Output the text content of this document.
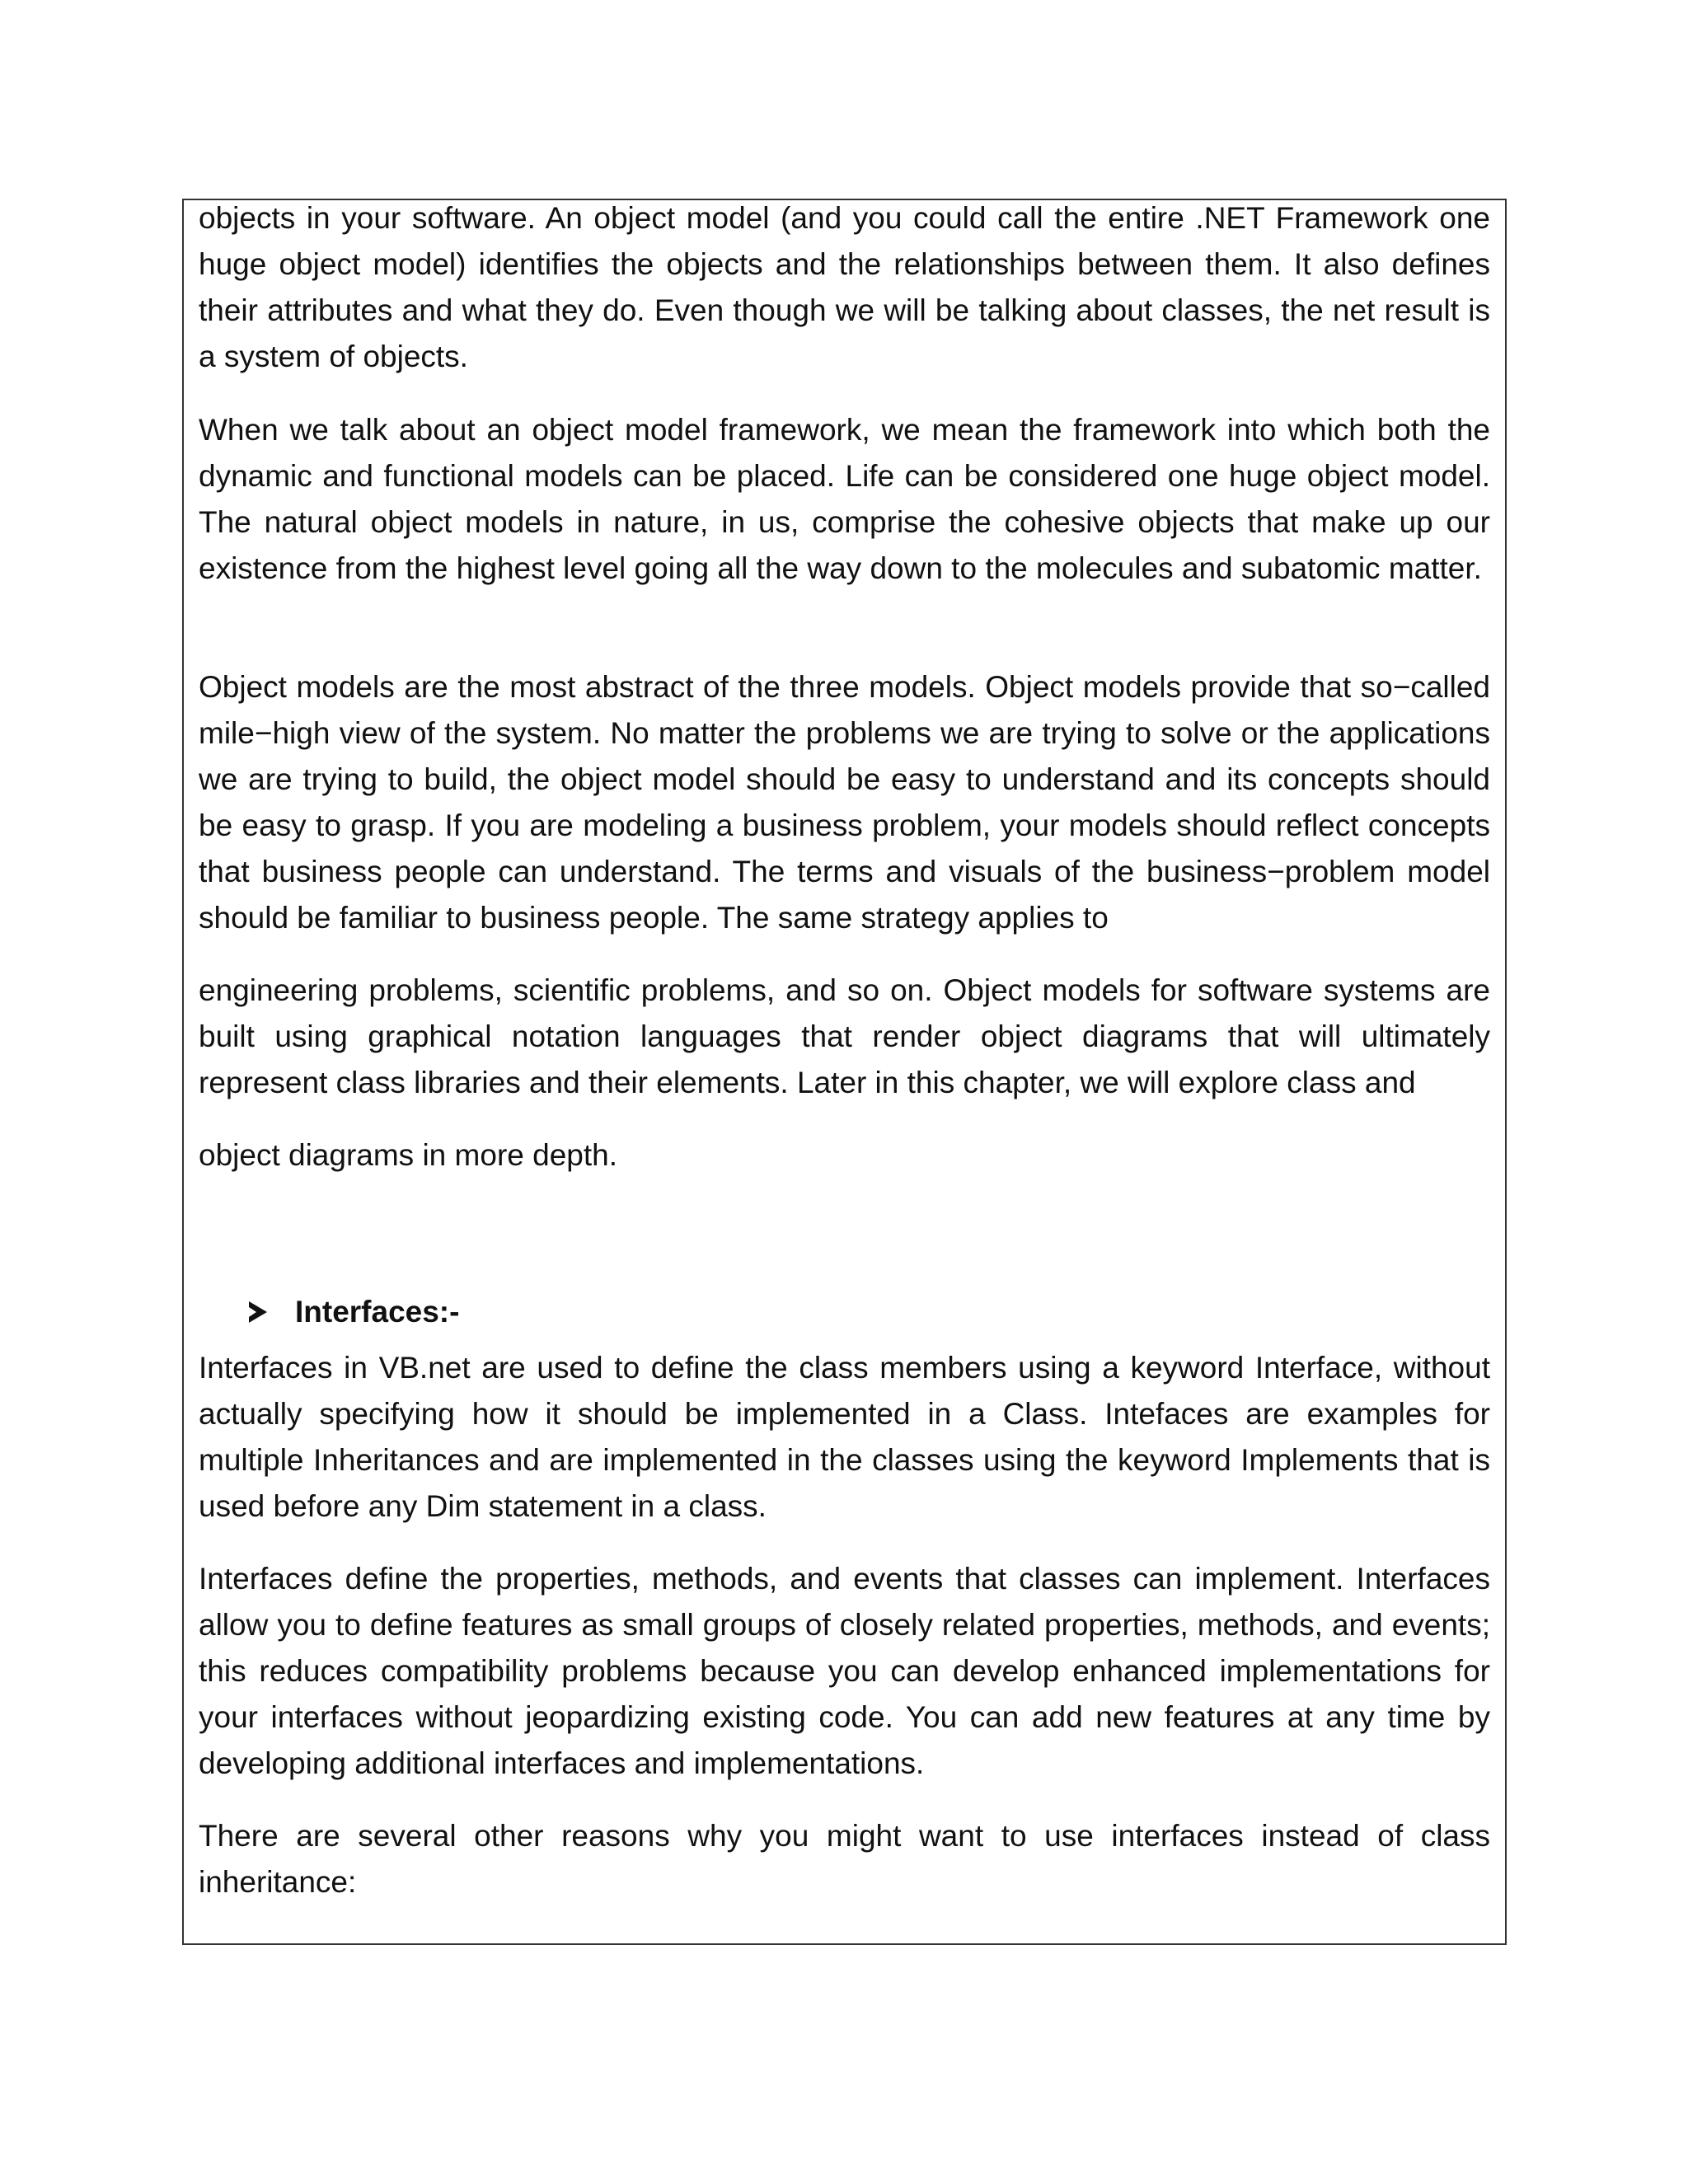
objects in your software. An object model (and you could call the entire .NET Framework one huge object model) identifies the objects and the relationships between them. It also defines their attributes and what they do. Even though we will be talking about classes, the net result is a system of objects.

When we talk about an object model framework, we mean the framework into which both the dynamic and functional models can be placed. Life can be considered one huge object model. The natural object models in nature, in us, comprise the cohesive objects that make up our existence from the highest level going all the way down to the molecules and subatomic matter.

Object models are the most abstract of the three models. Object models provide that so−called mile−high view of the system. No matter the problems we are trying to solve or the applications we are trying to build, the object model should be easy to understand and its concepts should be easy to grasp. If you are modeling a business problem, your models should reflect concepts that business people can understand. The terms and visuals of the business−problem model should be familiar to business people. The same strategy applies to

engineering problems, scientific problems, and so on. Object models for software systems are built using graphical notation languages that render object diagrams that will ultimately represent class libraries and their elements. Later in this chapter, we will explore class and

object diagrams in more depth.

Interfaces:-

Interfaces in VB.net are used to define the class members using a keyword Interface, without actually specifying how it should be implemented in a Class. Intefaces are examples for multiple Inheritances and are implemented in the classes using the keyword Implements that is used before any Dim statement in a class.

Interfaces define the properties, methods, and events that classes can implement. Interfaces allow you to define features as small groups of closely related properties, methods, and events; this reduces compatibility problems because you can develop enhanced implementations for your interfaces without jeopardizing existing code. You can add new features at any time by developing additional interfaces and implementations.

There are several other reasons why you might want to use interfaces instead of class inheritance:
